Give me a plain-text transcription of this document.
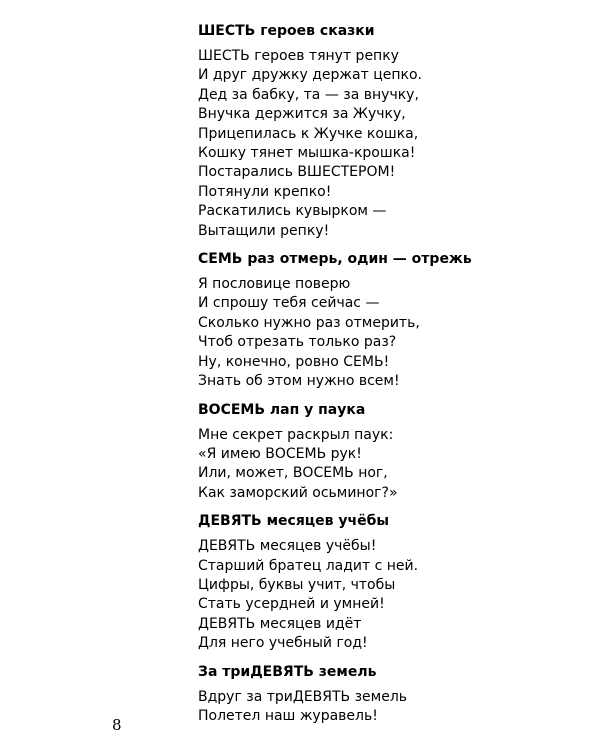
ШЕСТЬ героев сказки
ШЕСТЬ героев тянут репку
И друг дружку держат цепко.
Дед за бабку, та — за внучку,
Внучка держится за Жучку,
Прицепилась к Жучке кошка,
Кошку тянет мышка-крошка!
Постарались ВШЕСТЕРОМ!
Потянули крепко!
Раскатились кувырком —
Вытащили репку!
СЕМЬ раз отмерь, один — отрежь
Я пословице поверю
И спрошу тебя сейчас —
Сколько нужно раз отмерить,
Чтоб отрезать только раз?
Ну, конечно, ровно СЕМЬ!
Знать об этом нужно всем!
ВОСЕМЬ лап у паука
Мне секрет раскрыл паук:
«Я имею ВОСЕМЬ рук!
Или, может, ВОСЕМЬ ног,
Как заморский осьминог?»
ДЕВЯТЬ месяцев учёбы
ДЕВЯТЬ месяцев учёбы!
Старший братец ладит с ней.
Цифры, буквы учит, чтобы
Стать усердней и умней!
ДЕВЯТЬ месяцев идёт
Для него учебный год!
За триДЕВЯТЬ земель
Вдруг за триДЕВЯТЬ земель
Полетел наш журавель!
8
